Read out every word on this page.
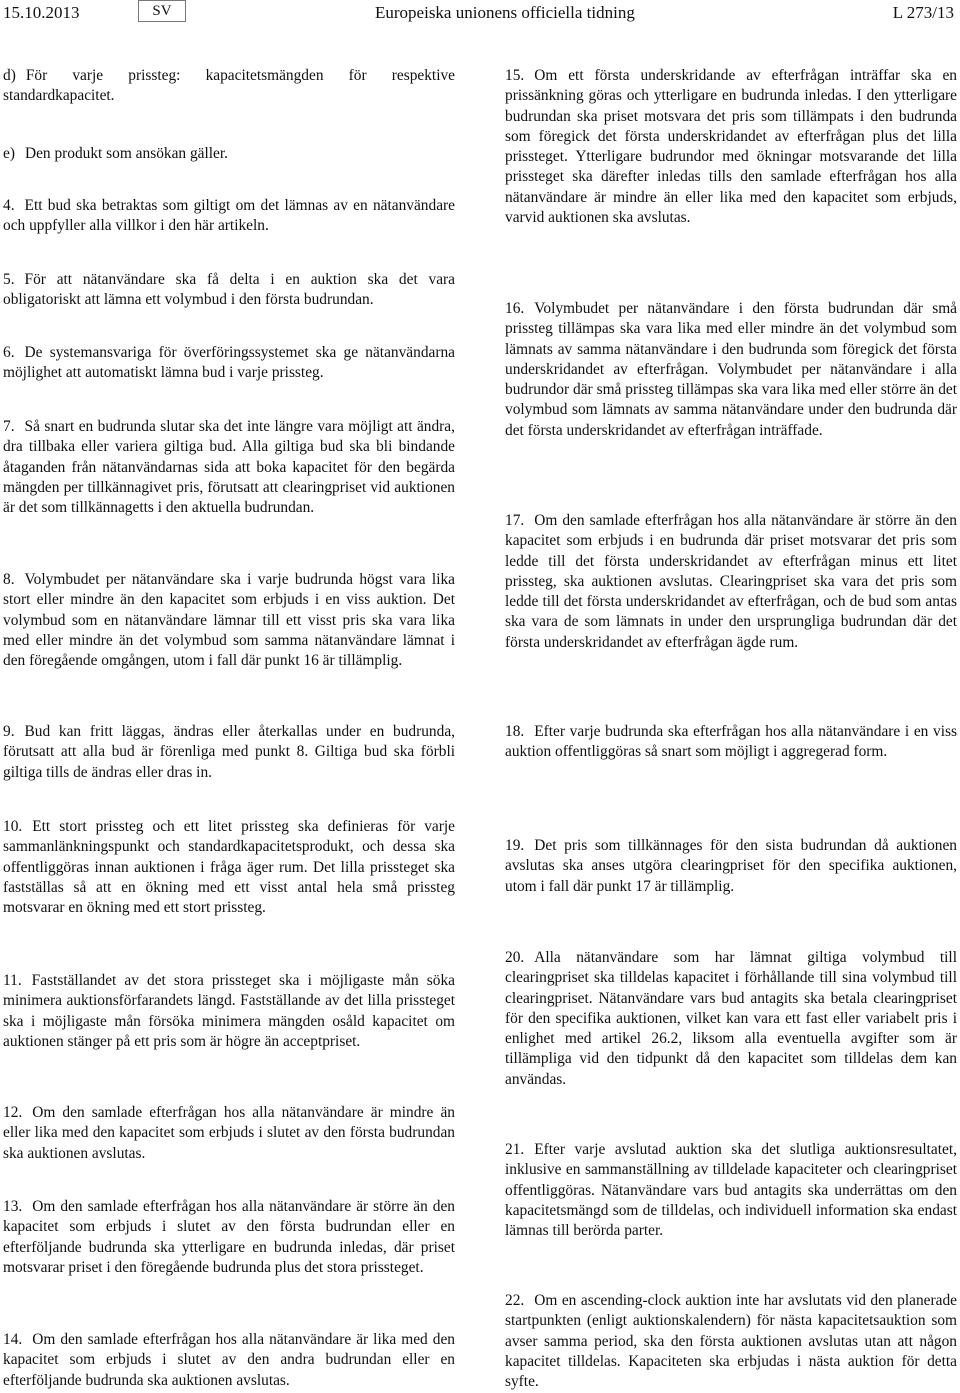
15.10.2013	SV	Europeiska unionens officiella tidning	L 273/13

d) För varje prissteg: kapacitetsmängden för respektive standardkapacitet.

e) Den produkt som ansökan gäller.

4. Ett bud ska betraktas som giltigt om det lämnas av en nätanvändare och uppfyller alla villkor i den här artikeln.

5. För att nätanvändare ska få delta i en auktion ska det vara obligatoriskt att lämna ett volymbud i den första budrundan.

6. De systemansvariga för överföringssystemet ska ge nätanvändarna möjlighet att automatiskt lämna bud i varje prissteg.

7. Så snart en budrunda slutar ska det inte längre vara möjligt att ändra, dra tillbaka eller variera giltiga bud. Alla giltiga bud ska bli bindande åtaganden från nätanvändarnas sida att boka kapacitet för den begärda mängden per tillkännagivet pris, förutsatt att clearingpriset vid auktionen är det som tillkännagetts i den aktuella budrundan.

8. Volymbudet per nätanvändare ska i varje budrunda högst vara lika stort eller mindre än den kapacitet som erbjuds i en viss auktion. Det volymbud som en nätanvändare lämnar till ett visst pris ska vara lika med eller mindre än det volymbud som samma nätanvändare lämnat i den föregående omgången, utom i fall där punkt 16 är tillämplig.

9. Bud kan fritt läggas, ändras eller återkallas under en budrunda, förutsatt att alla bud är förenliga med punkt 8. Giltiga bud ska förbli giltiga tills de ändras eller dras in.

10. Ett stort prissteg och ett litet prissteg ska definieras för varje sammanlänkningspunkt och standardkapacitetsprodukt, och dessa ska offentliggöras innan auktionen i fråga äger rum. Det lilla prissteget ska fastställas så att en ökning med ett visst antal hela små prissteg motsvarar en ökning med ett stort prissteg.

11. Fastställandet av det stora prissteget ska i möjligaste mån söka minimera auktionsförfarandets längd. Fastställande av det lilla prissteget ska i möjligaste mån försöka minimera mängden osåld kapacitet om auktionen stänger på ett pris som är högre än acceptpriset.

12. Om den samlade efterfrågan hos alla nätanvändare är mindre än eller lika med den kapacitet som erbjuds i slutet av den första budrundan ska auktionen avslutas.

13. Om den samlade efterfrågan hos alla nätanvändare är större än den kapacitet som erbjuds i slutet av den första budrundan eller en efterföljande budrunda ska ytterligare en budrunda inledas, där priset motsvarar priset i den föregående budrunda plus det stora prissteget.

14. Om den samlade efterfrågan hos alla nätanvändare är lika med den kapacitet som erbjuds i slutet av den andra budrundan eller en efterföljande budrunda ska auktionen avslutas.

15. Om ett första underskridande av efterfrågan inträffar ska en prissänkning göras och ytterligare en budrunda inledas. I den ytterligare budrundan ska priset motsvara det pris som tillämpats i den budrunda som föregick det första underskridandet av efterfrågan plus det lilla prissteget. Ytterligare budrundor med ökningar motsvarande det lilla prissteget ska därefter inledas tills den samlade efterfrågan hos alla nätanvändare är mindre än eller lika med den kapacitet som erbjuds, varvid auktionen ska avslutas.

16. Volymbudet per nätanvändare i den första budrundan där små prissteg tillämpas ska vara lika med eller mindre än det volymbud som lämnats av samma nätanvändare i den budrunda som föregick det första underskridandet av efterfrågan. Volymbudet per nätanvändare i alla budrundor där små prissteg tillämpas ska vara lika med eller större än det volymbud som lämnats av samma nätanvändare under den budrunda där det första underskridandet av efterfrågan inträffade.

17. Om den samlade efterfrågan hos alla nätanvändare är större än den kapacitet som erbjuds i en budrunda där priset motsvarar det pris som ledde till det första underskridandet av efterfrågan minus ett litet prissteg, ska auktionen avslutas. Clearingpriset ska vara det pris som ledde till det första underskridandet av efterfrågan, och de bud som antas ska vara de som lämnats in under den ursprungliga budrundan där det första underskridandet av efterfrågan ägde rum.

18. Efter varje budrunda ska efterfrågan hos alla nätanvändare i en viss auktion offentliggöras så snart som möjligt i aggregerad form.

19. Det pris som tillkännages för den sista budrundan då auktionen avslutas ska anses utgöra clearingpriset för den specifika auktionen, utom i fall där punkt 17 är tillämplig.

20. Alla nätanvändare som har lämnat giltiga volymbud till clearingpriset ska tilldelas kapacitet i förhållande till sina volymbud till clearingpriset. Nätanvändare vars bud antagits ska betala clearingpriset för den specifika auktionen, vilket kan vara ett fast eller variabelt pris i enlighet med artikel 26.2, liksom alla eventuella avgifter som är tillämpliga vid den tidpunkt då den kapacitet som tilldelas dem kan användas.

21. Efter varje avslutad auktion ska det slutliga auktionsresultatet, inklusive en sammanställning av tilldelade kapaciteter och clearingpriset offentliggöras. Nätanvändare vars bud antagits ska underrättas om den kapacitetsmängd som de tilldelas, och individuell information ska endast lämnas till berörda parter.

22. Om en ascending-clock auktion inte har avslutats vid den planerade startpunkten (enligt auktionskalendern) för nästa kapacitetsauktion som avser samma period, ska den första auktionen avslutas utan att någon kapacitet tilldelas. Kapaciteten ska erbjudas i nästa auktion för detta syfte.
